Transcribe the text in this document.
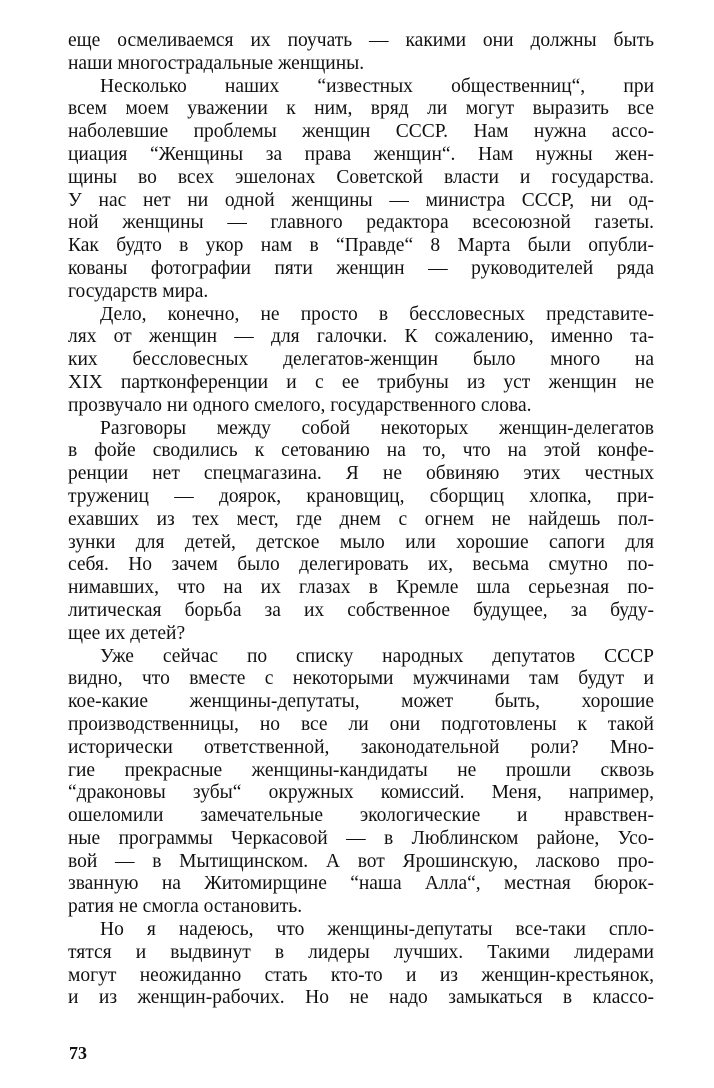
еще осмеливаемся их поучать — какими они должны быть
наши многострадальные женщины.
Несколько наших “известных общественниц“, при
всем моем уважении к ним, вряд ли могут выразить все
наболевшие проблемы женщин СССР. Нам нужна ассо-
циация “Женщины за права женщин“. Нам нужны жен-
щины во всех эшелонах Советской власти и государства.
У нас нет ни одной женщины — министра СССР, ни од-
ной женщины — главного редактора всесоюзной газеты.
Как будто в укор нам в “Правде“ 8 Марта были опубли-
кованы фотографии пяти женщин — руководителей ряда
государств мира.
Дело, конечно, не просто в бессловесных представите-
лях от женщин — для галочки. К сожалению, именно та-
ких бессловесных делегатов-женщин было много на
XIX партконференции и с ее трибуны из уст женщин не
прозвучало ни одного смелого, государственного слова.
Разговоры между собой некоторых женщин-делегатов
в фойе сводились к сетованию на то, что на этой конфе-
ренции нет спецмагазина. Я не обвиняю этих честных
тружениц — доярок, крановщиц, сборщиц хлопка, при-
ехавших из тех мест, где днем с огнем не найдешь пол-
зунки для детей, детское мыло или хорошие сапоги для
себя. Но зачем было делегировать их, весьма смутно по-
нимавших, что на их глазах в Кремле шла серьезная по-
литическая борьба за их собственное будущее, за буду-
щее их детей?
Уже сейчас по списку народных депутатов СССР
видно, что вместе с некоторыми мужчинами там будут и
кое-какие женщины-депутаты, может быть, хорошие
производственницы, но все ли они подготовлены к такой
исторически ответственной, законодательной роли? Мно-
гие прекрасные женщины-кандидаты не прошли сквозь
“драконовы зубы“ окружных комиссий. Меня, например,
ошеломили замечательные экологические и нравствен-
ные программы Черкасовой — в Люблинском районе, Усо-
вой — в Мытищинском. А вот Ярошинскую, ласково про-
званную на Житомирщине “наша Алла“, местная бюрок-
ратия не смогла остановить.
Но я надеюсь, что женщины-депутаты все-таки спло-
тятся и выдвинут в лидеры лучших. Такими лидерами
могут неожиданно стать кто-то и из женщин-крестьянок,
и из женщин-рабочих. Но не надо замыкаться в классо-
73
